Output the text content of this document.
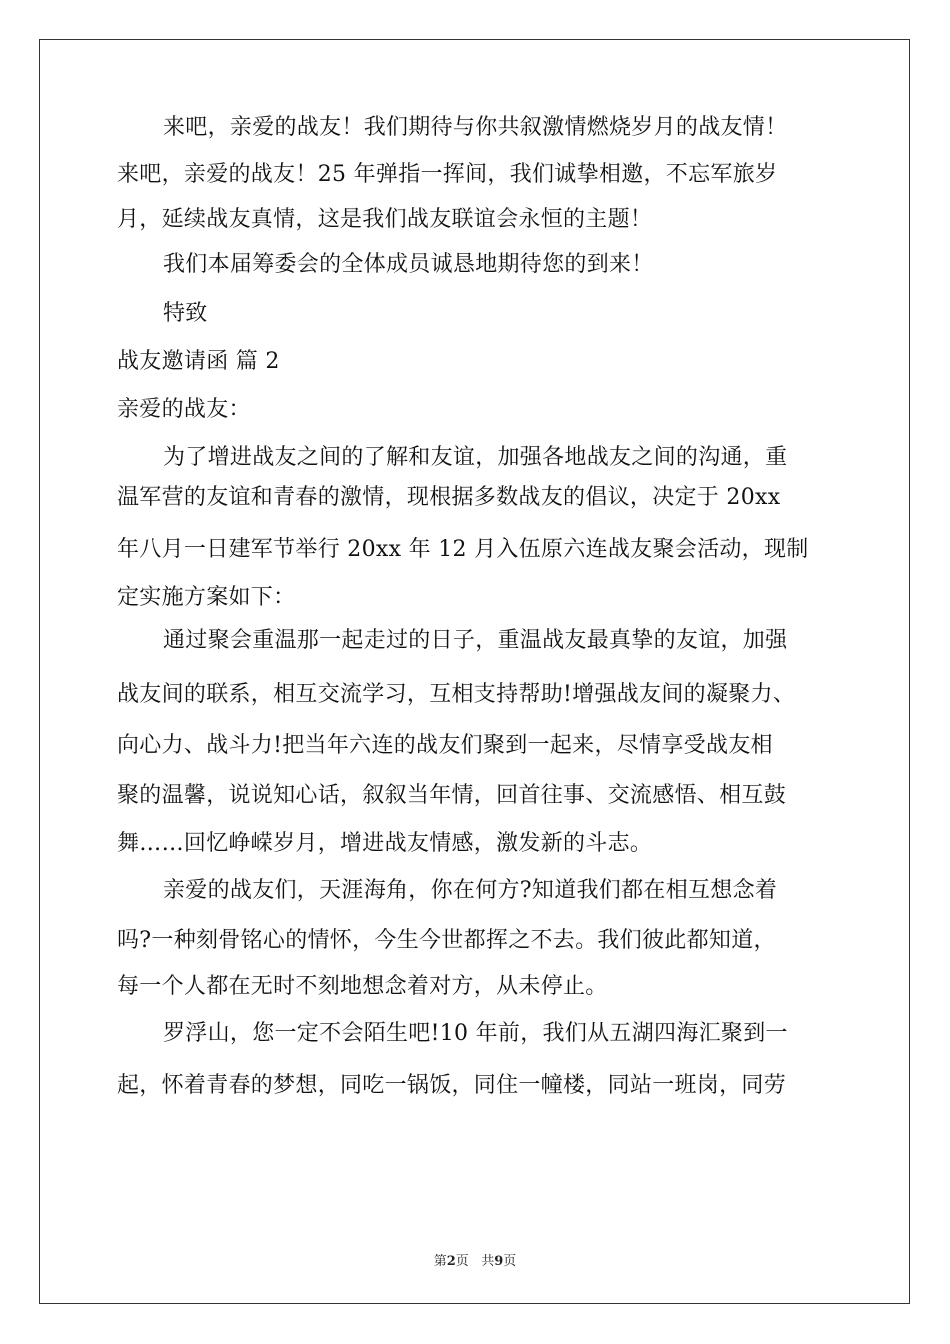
来吧，亲爱的战友！我们期待与你共叙激情燃烧岁月的战友情！
来吧，亲爱的战友！25 年弹指一挥间，我们诚挚相邀，不忘军旅岁
月，延续战友真情，这是我们战友联谊会永恒的主题！
我们本届筹委会的全体成员诚恳地期待您的到来！
特致
战友邀请函 篇 2
亲爱的战友：
为了增进战友之间的了解和友谊，加强各地战友之间的沟通，重
温军营的友谊和青春的激情，现根据多数战友的倡议，决定于 20xx
年八月一日建军节举行 20xx 年 12 月入伍原六连战友聚会活动，现制
定实施方案如下：
通过聚会重温那一起走过的日子，重温战友最真挚的友谊，加强
战友间的联系，相互交流学习，互相支持帮助!增强战友间的凝聚力、
向心力、战斗力!把当年六连的战友们聚到一起来，尽情享受战友相
聚的温馨，说说知心话，叙叙当年情，回首往事、交流感悟、相互鼓
舞……回忆峥嵘岁月，增进战友情感，激发新的斗志。
亲爱的战友们，天涯海角，你在何方?知道我们都在相互想念着
吗?一种刻骨铭心的情怀，今生今世都挥之不去。我们彼此都知道，
每一个人都在无时不刻地想念着对方，从未停止。
罗浮山，您一定不会陌生吧!10 年前，我们从五湖四海汇聚到一
起，怀着青春的梦想，同吃一锅饭，同住一幢楼，同站一班岗，同劳
第2页 共9页
